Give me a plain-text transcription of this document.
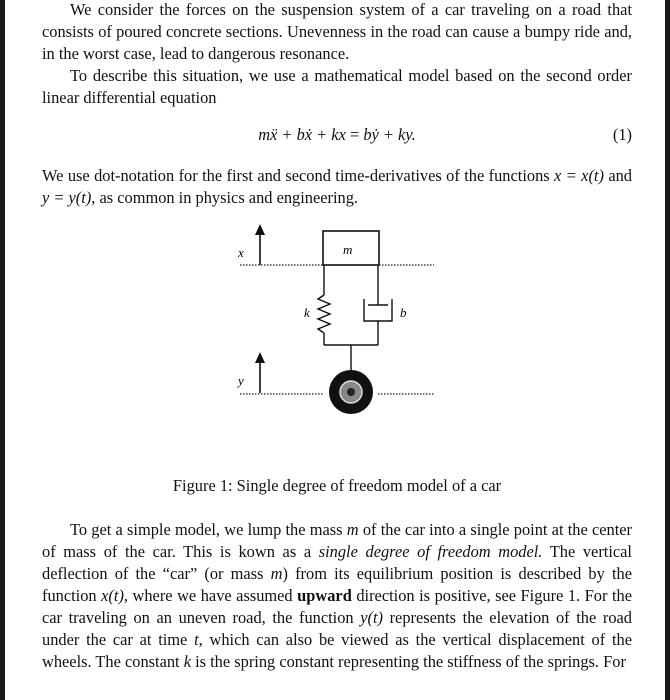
We consider the forces on the suspension system of a car traveling on a road that consists of poured concrete sections. Unevenness in the road can cause a bumpy ride and, in the worst case, lead to dangerous resonance.

To describe this situation, we use a mathematical model based on the second order linear differential equation

mẍ + bẋ + kx = bẏ + ky.	(1)

We use dot-notation for the first and second time-derivatives of the functions x = x(t) and y = y(t), as common in physics and engineering.

x	m
k	b
y
Figure 1: Single degree of freedom model of a car

To get a simple model, we lump the mass m of the car into a single point at the center of mass of the car. This is kown as a single degree of freedom model. The vertical deflection of the “car” (or mass m) from its equilibrium position is described by the function x(t), where we have assumed upward direction is positive, see Figure 1. For the car traveling on an uneven road, the function y(t) represents the elevation of the road under the car at time t, which can also be viewed as the vertical displacement of the wheels. The constant k is the spring constant representing the stiffness of the springs. For
